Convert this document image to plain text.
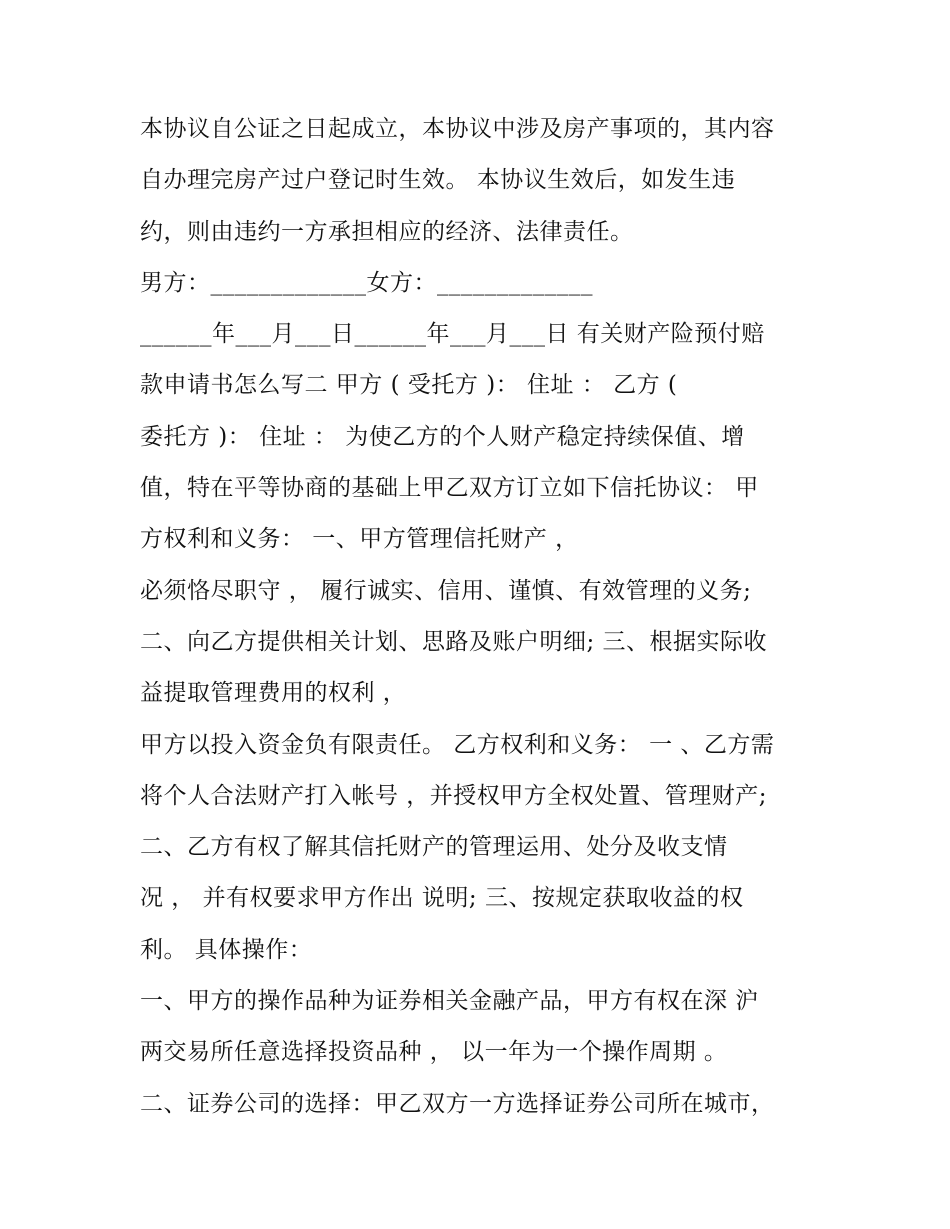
本协议自公证之日起成立，本协议中涉及房产事项的，其内容
自办理完房产过户登记时生效。 本协议生效后，如发生违
约，则由违约一方承担相应的经济、法律责任。
男方：_____________女方：_____________
______年___月___日______年___月___日 有关财产险预付赔
款申请书怎么写二 甲方 ( 受托方 )： 住址 ： 乙方 (
委托方 )： 住址 ： 为使乙方的个人财产稳定持续保值、增
值，特在平等协商的基础上甲乙双方订立如下信托协议： 甲
方权利和义务： 一、甲方管理信托财产 ，
必须恪尽职守 ， 履行诚实、信用、谨慎、有效管理的义务;
二、向乙方提供相关计划、思路及账户明细; 三、根据实际收
益提取管理费用的权利 ，
甲方以投入资金负有限责任。 乙方权利和义务： 一 、乙方需
将个人合法财产打入帐号 ，并授权甲方全权处置、管理财产;
二、乙方有权了解其信托财产的管理运用、处分及收支情
况 ， 并有权要求甲方作出 说明; 三、按规定获取收益的权
利。 具体操作：
一、甲方的操作品种为证券相关金融产品，甲方有权在深 沪
两交易所任意选择投资品种 ， 以一年为一个操作周期 。
二、证券公司的选择：甲乙双方一方选择证券公司所在城市，
